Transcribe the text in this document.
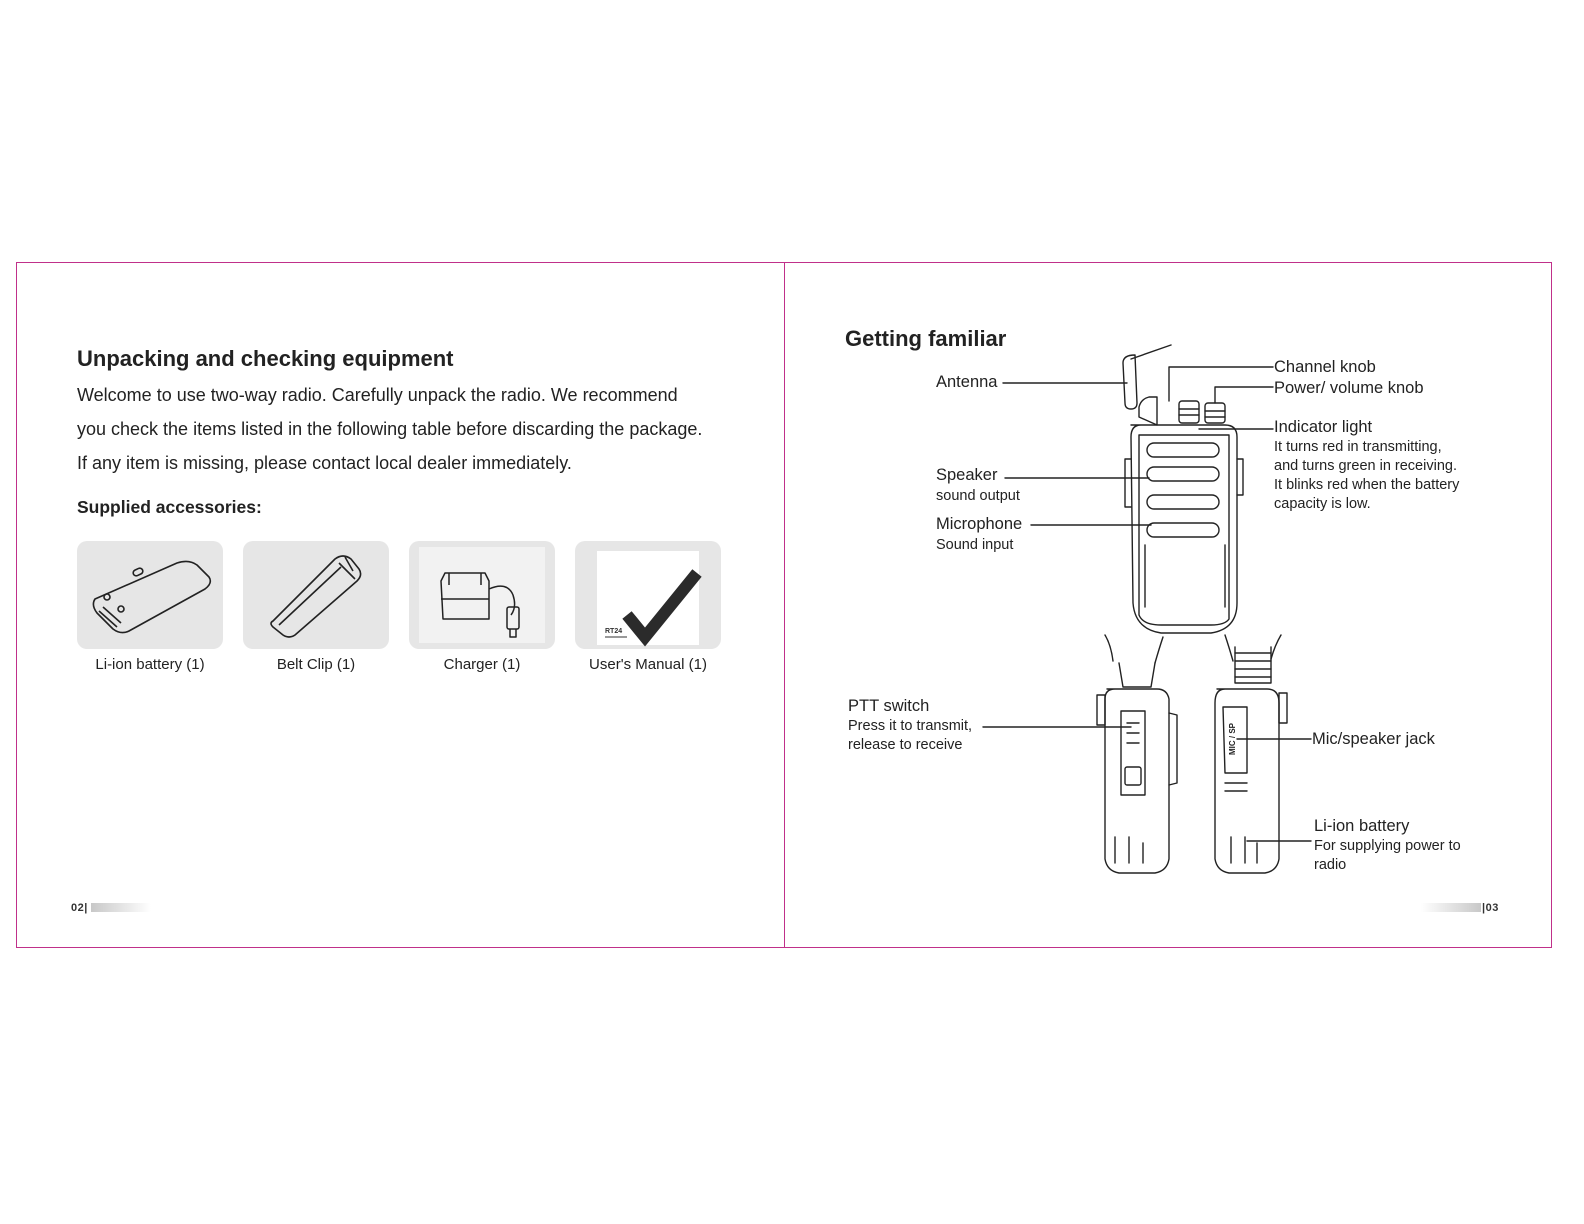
Unpacking and checking equipment
Welcome to use two-way radio. Carefully unpack the radio. We recommend
you check the items listed in the following table before discarding the package.
If any item is missing, please contact local dealer immediately.
Supplied accessories:
RT24
Li-ion battery (1)	Belt Clip (1)	Charger (1)	User's Manual (1)
02|
Getting familiar
MIC / SP
Antenna
Speaker
sound output
Microphone
Sound input
Channel knob
Power/ volume knob
Indicator light
It turns red in transmitting,
and turns green in receiving.
It blinks red when the battery
capacity is low.
PTT switch
Press it to transmit,
release to receive	Mic/speaker jack
Li-ion battery
For supplying power to
radio
|03
